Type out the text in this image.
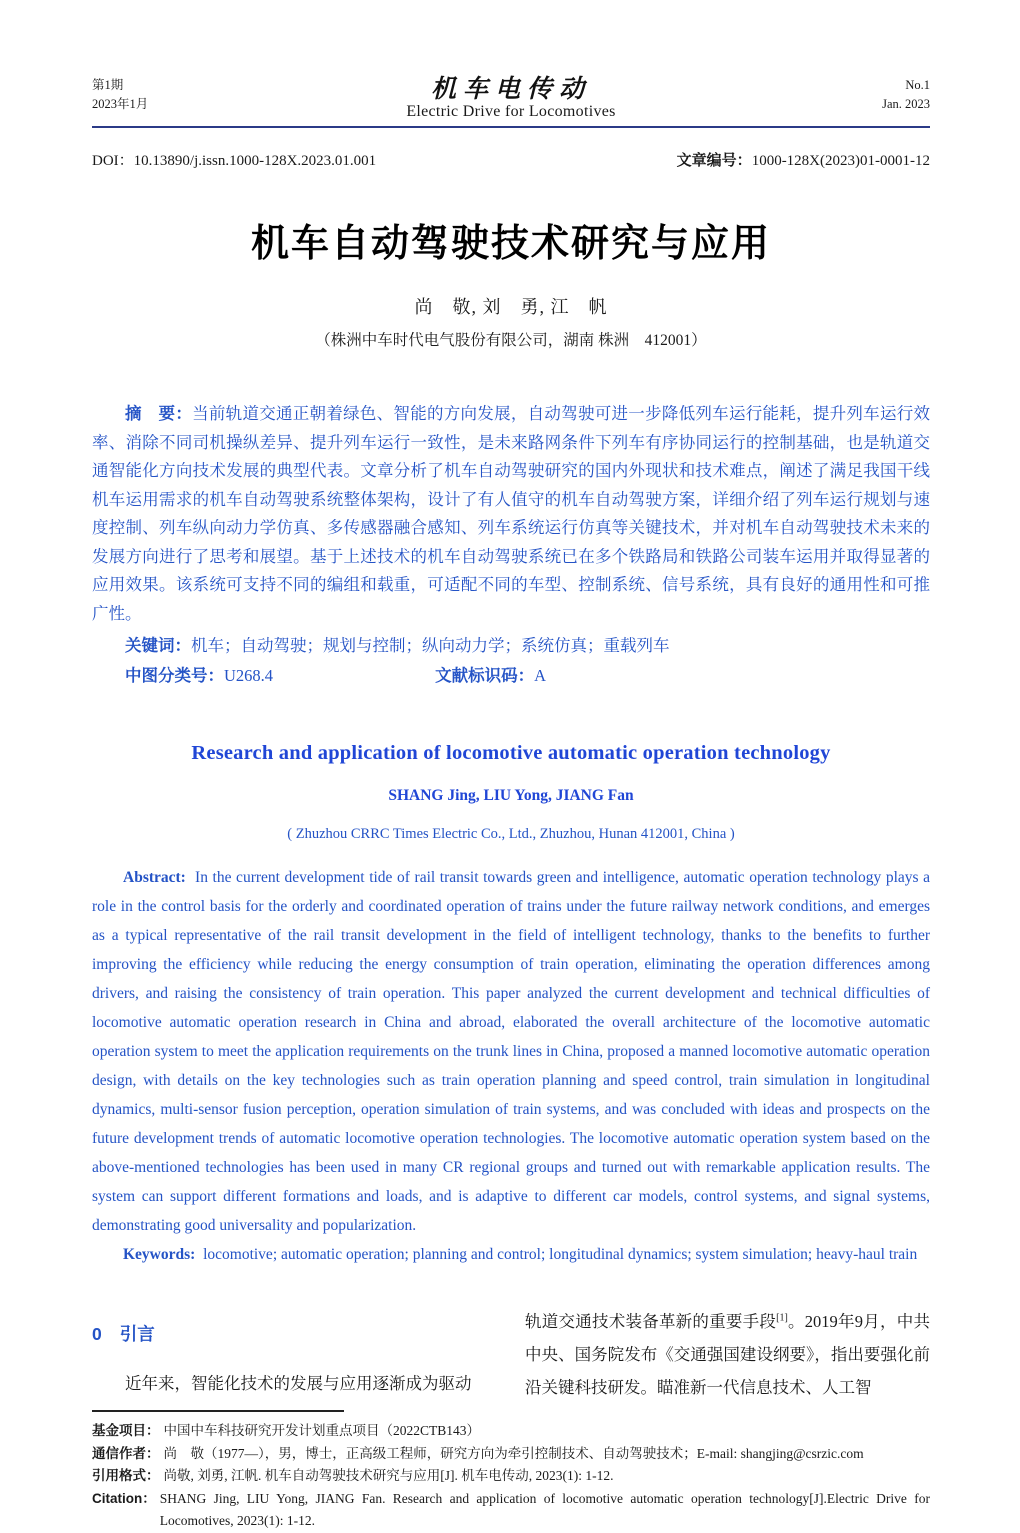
第1期
2023年1月
机车电传动
Electric Drive for Locomotives
No.1
Jan. 2023
DOI：10.13890/j.issn.1000-128X.2023.01.001	文章编号：1000-128X(2023)01-0001-12
机车自动驾驶技术研究与应用
尚　敬, 刘　勇, 江　帆
（株洲中车时代电气股份有限公司，湖南 株洲　412001）

摘　要：当前轨道交通正朝着绿色、智能的方向发展，自动驾驶可进一步降低列车运行能耗，提升列车运行效率、消除不同司机操纵差异、提升列车运行一致性，是未来路网条件下列车有序协同运行的控制基础，也是轨道交通智能化方向技术发展的典型代表。文章分析了机车自动驾驶研究的国内外现状和技术难点，阐述了满足我国干线机车运用需求的机车自动驾驶系统整体架构，设计了有人值守的机车自动驾驶方案，详细介绍了列车运行规划与速度控制、列车纵向动力学仿真、多传感器融合感知、列车系统运行仿真等关键技术，并对机车自动驾驶技术未来的发展方向进行了思考和展望。基于上述技术的机车自动驾驶系统已在多个铁路局和铁路公司装车运用并取得显著的应用效果。该系统可支持不同的编组和载重，可适配不同的车型、控制系统、信号系统，具有良好的通用性和可推广性。

关键词：机车；自动驾驶；规划与控制；纵向动力学；系统仿真；重载列车

中图分类号：U268.4	文献标识码：A

Research and application of locomotive automatic operation technology
SHANG Jing, LIU Yong, JIANG Fan
( Zhuzhou CRRC Times Electric Co., Ltd., Zhuzhou, Hunan 412001, China )

Abstract: In the current development tide of rail transit towards green and intelligence, automatic operation technology plays a role in the control basis for the orderly and coordinated operation of trains under the future railway network conditions, and emerges as a typical representative of the rail transit development in the field of intelligent technology, thanks to the benefits to further improving the efficiency while reducing the energy consumption of train operation, eliminating the operation differences among drivers, and raising the consistency of train operation. This paper analyzed the current development and technical difficulties of locomotive automatic operation research in China and abroad, elaborated the overall architecture of the locomotive automatic operation system to meet the application requirements on the trunk lines in China, proposed a manned locomotive automatic operation design, with details on the key technologies such as train operation planning and speed control, train simulation in longitudinal dynamics, multi-sensor fusion perception, operation simulation of train systems, and was concluded with ideas and prospects on the future development trends of automatic locomotive operation technologies. The locomotive automatic operation system based on the above-mentioned technologies has been used in many CR regional groups and turned out with remarkable application results. The system can support different formations and loads, and is adaptive to different car models, control systems, and signal systems, demonstrating good universality and popularization.

Keywords: locomotive; automatic operation; planning and control; longitudinal dynamics; system simulation; heavy-haul train

0 引言

近年来，智能化技术的发展与应用逐渐成为驱动

轨道交通技术装备革新的重要手段[1]。2019年9月，中共中央、国务院发布《交通强国建设纲要》，指出要强化前沿关键科技研发。瞄准新一代信息技术、人工智

基金项目： 中国中车科技研究开发计划重点项目（2022CTB143）
通信作者： 尚　敬（1977—），男，博士，正高级工程师，研究方向为牵引控制技术、自动驾驶技术；E-mail: shangjing@csrzic.com
引用格式： 尚敬, 刘勇, 江帆. 机车自动驾驶技术研究与应用[J]. 机车电传动, 2023(1): 1-12.
Citation： SHANG Jing, LIU Yong, JIANG Fan. Research and application of locomotive automatic operation technology[J].Electric Drive for Locomotives, 2023(1): 1-12.
